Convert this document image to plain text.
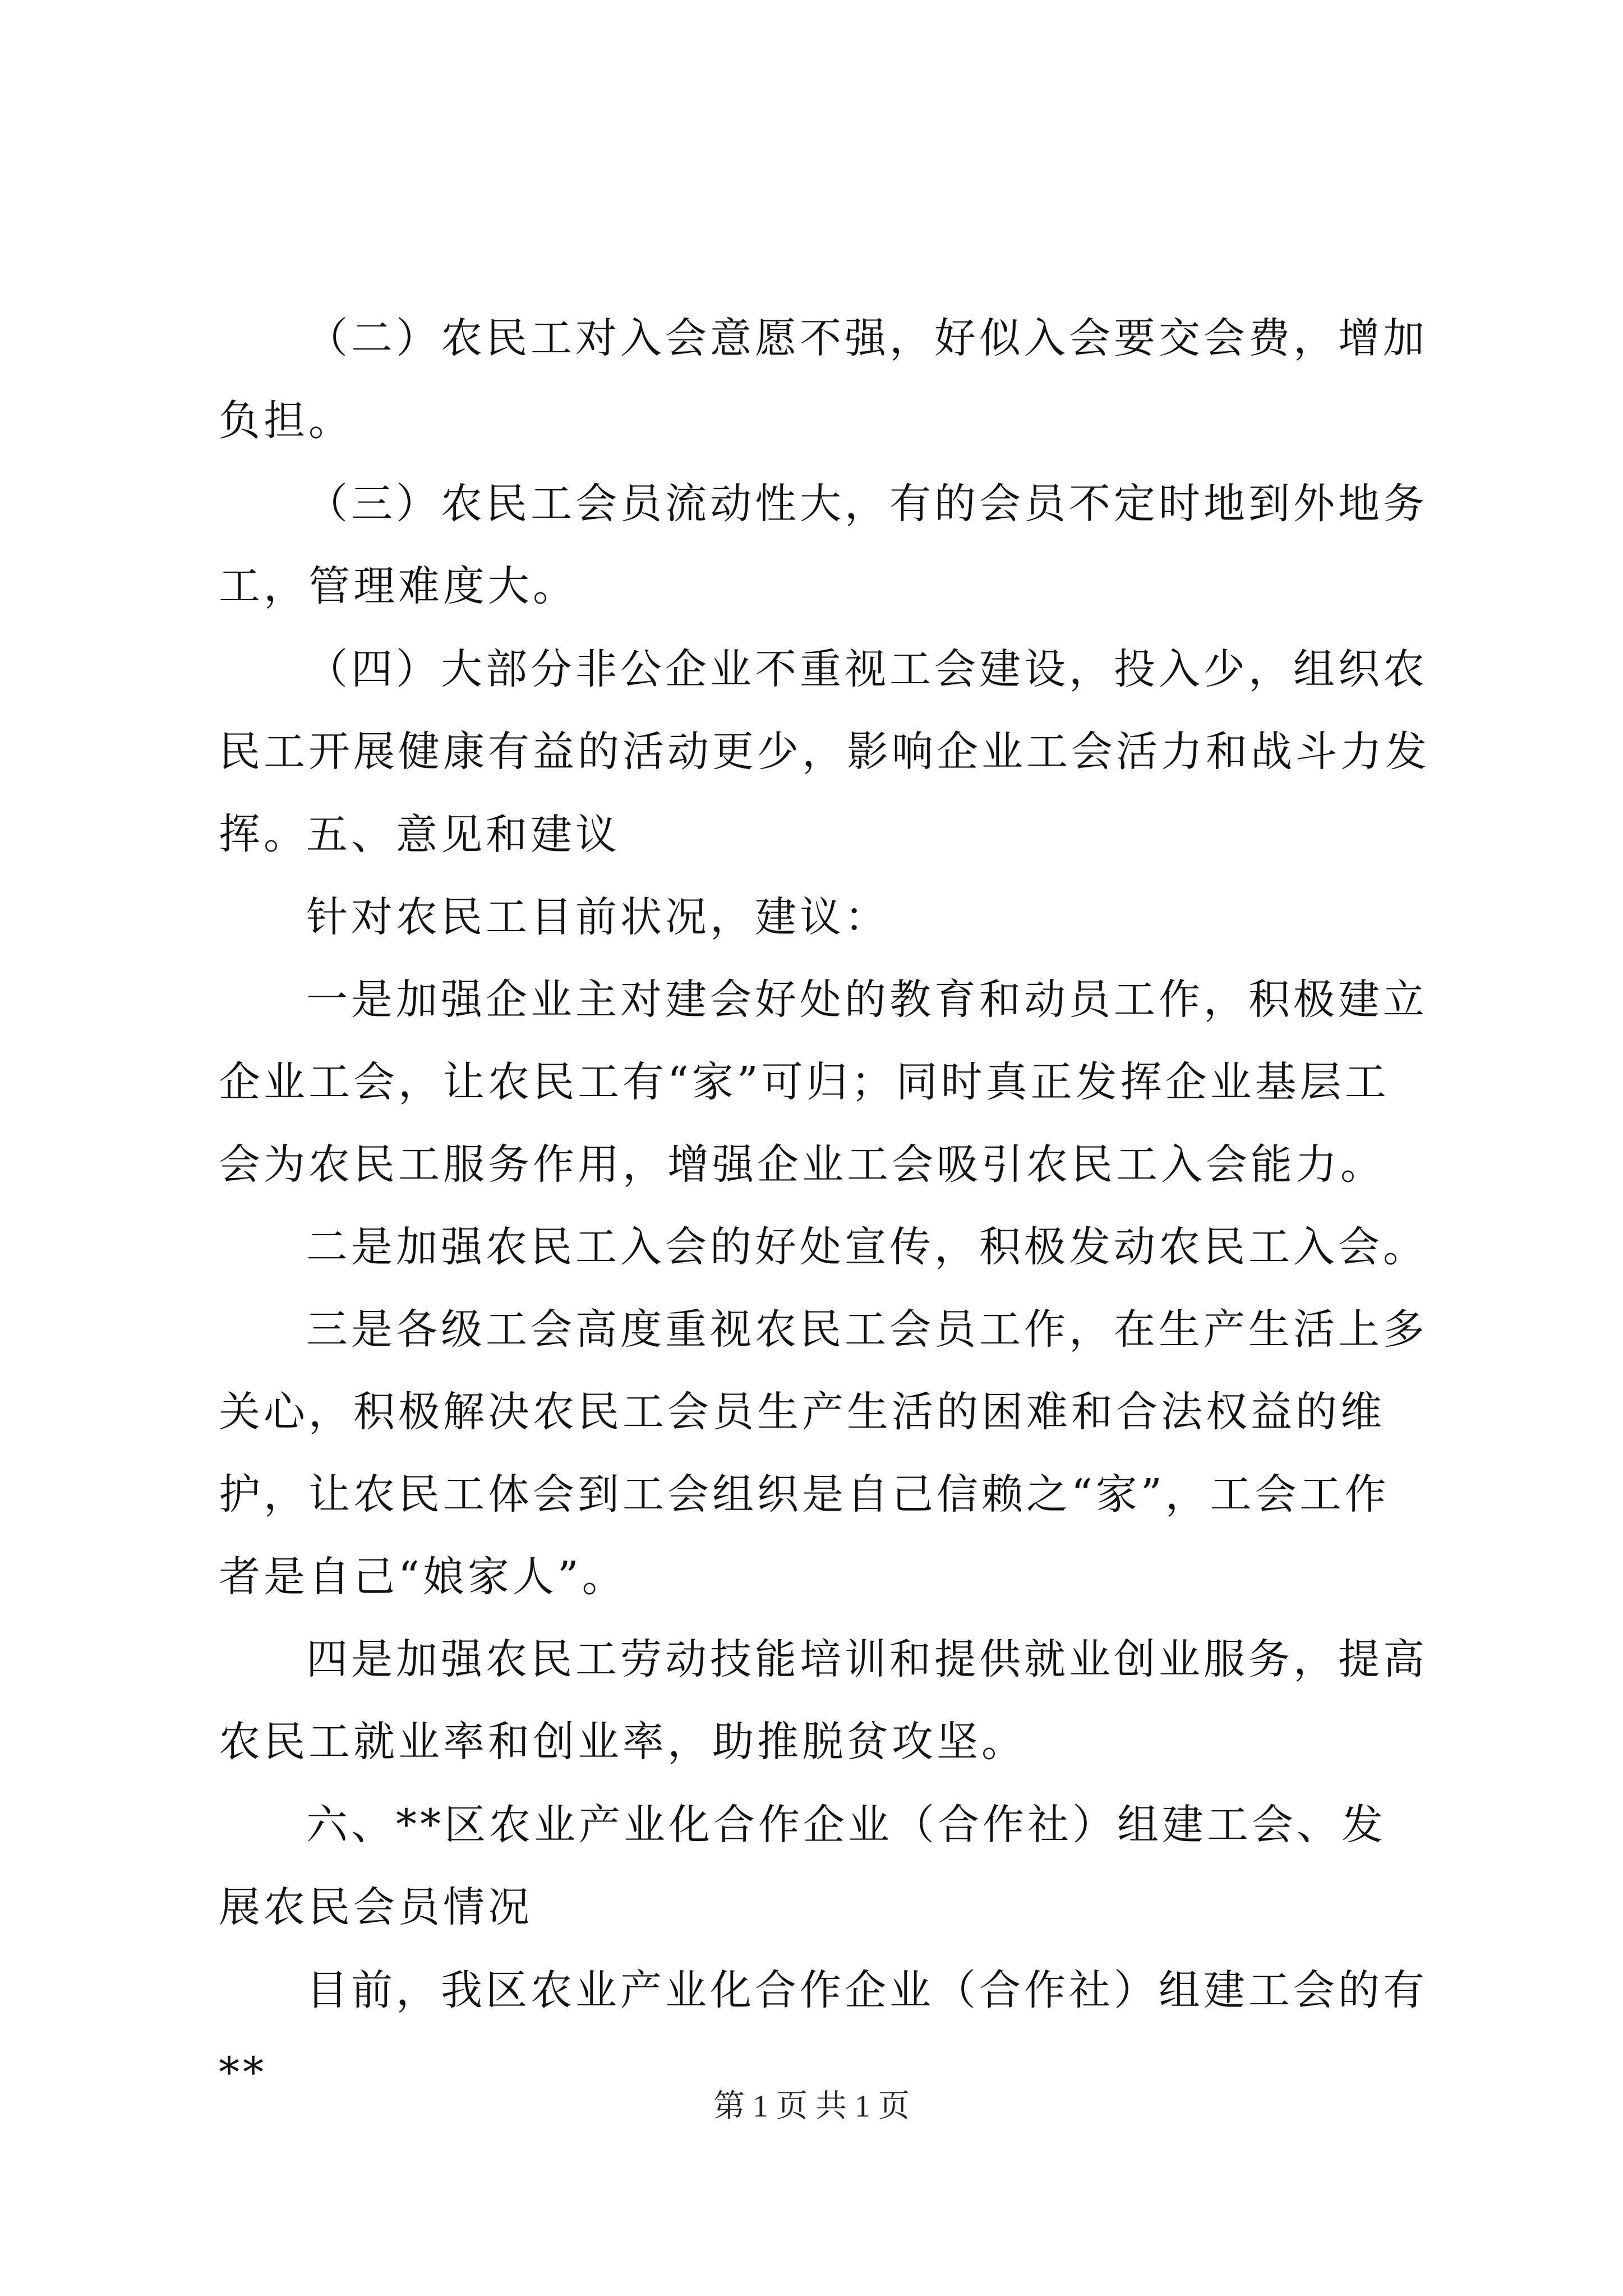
（二）农民工对入会意愿不强，好似入会要交会费，增加负担。

（三）农民工会员流动性大，有的会员不定时地到外地务工，管理难度大。

（四）大部分非公企业不重视工会建设，投入少，组织农民工开展健康有益的活动更少，影响企业工会活力和战斗力发挥。

五、意见和建议

针对农民工目前状况，建议：

一是加强企业主对建会好处的教育和动员工作，积极建立企业工会，让农民工有“家”可归；同时真正发挥企业基层工会为农民工服务作用，增强企业工会吸引农民工入会能力。

二是加强农民工入会的好处宣传，积极发动农民工入会。

三是各级工会高度重视农民工会员工作，在生产生活上多关心，积极解决农民工会员生产生活的困难和合法权益的维护，让农民工体会到工会组织是自己信赖之“家”，工会工作者是自己“娘家人”。

四是加强农民工劳动技能培训和提供就业创业服务，提高农民工就业率和创业率，助推脱贫攻坚。

六、**区农业产业化合作企业（合作社）组建工会、发展农民会员情况

目前，我区农业产业化合作企业（合作社）组建工会的有**

第 1 页 共 1 页
